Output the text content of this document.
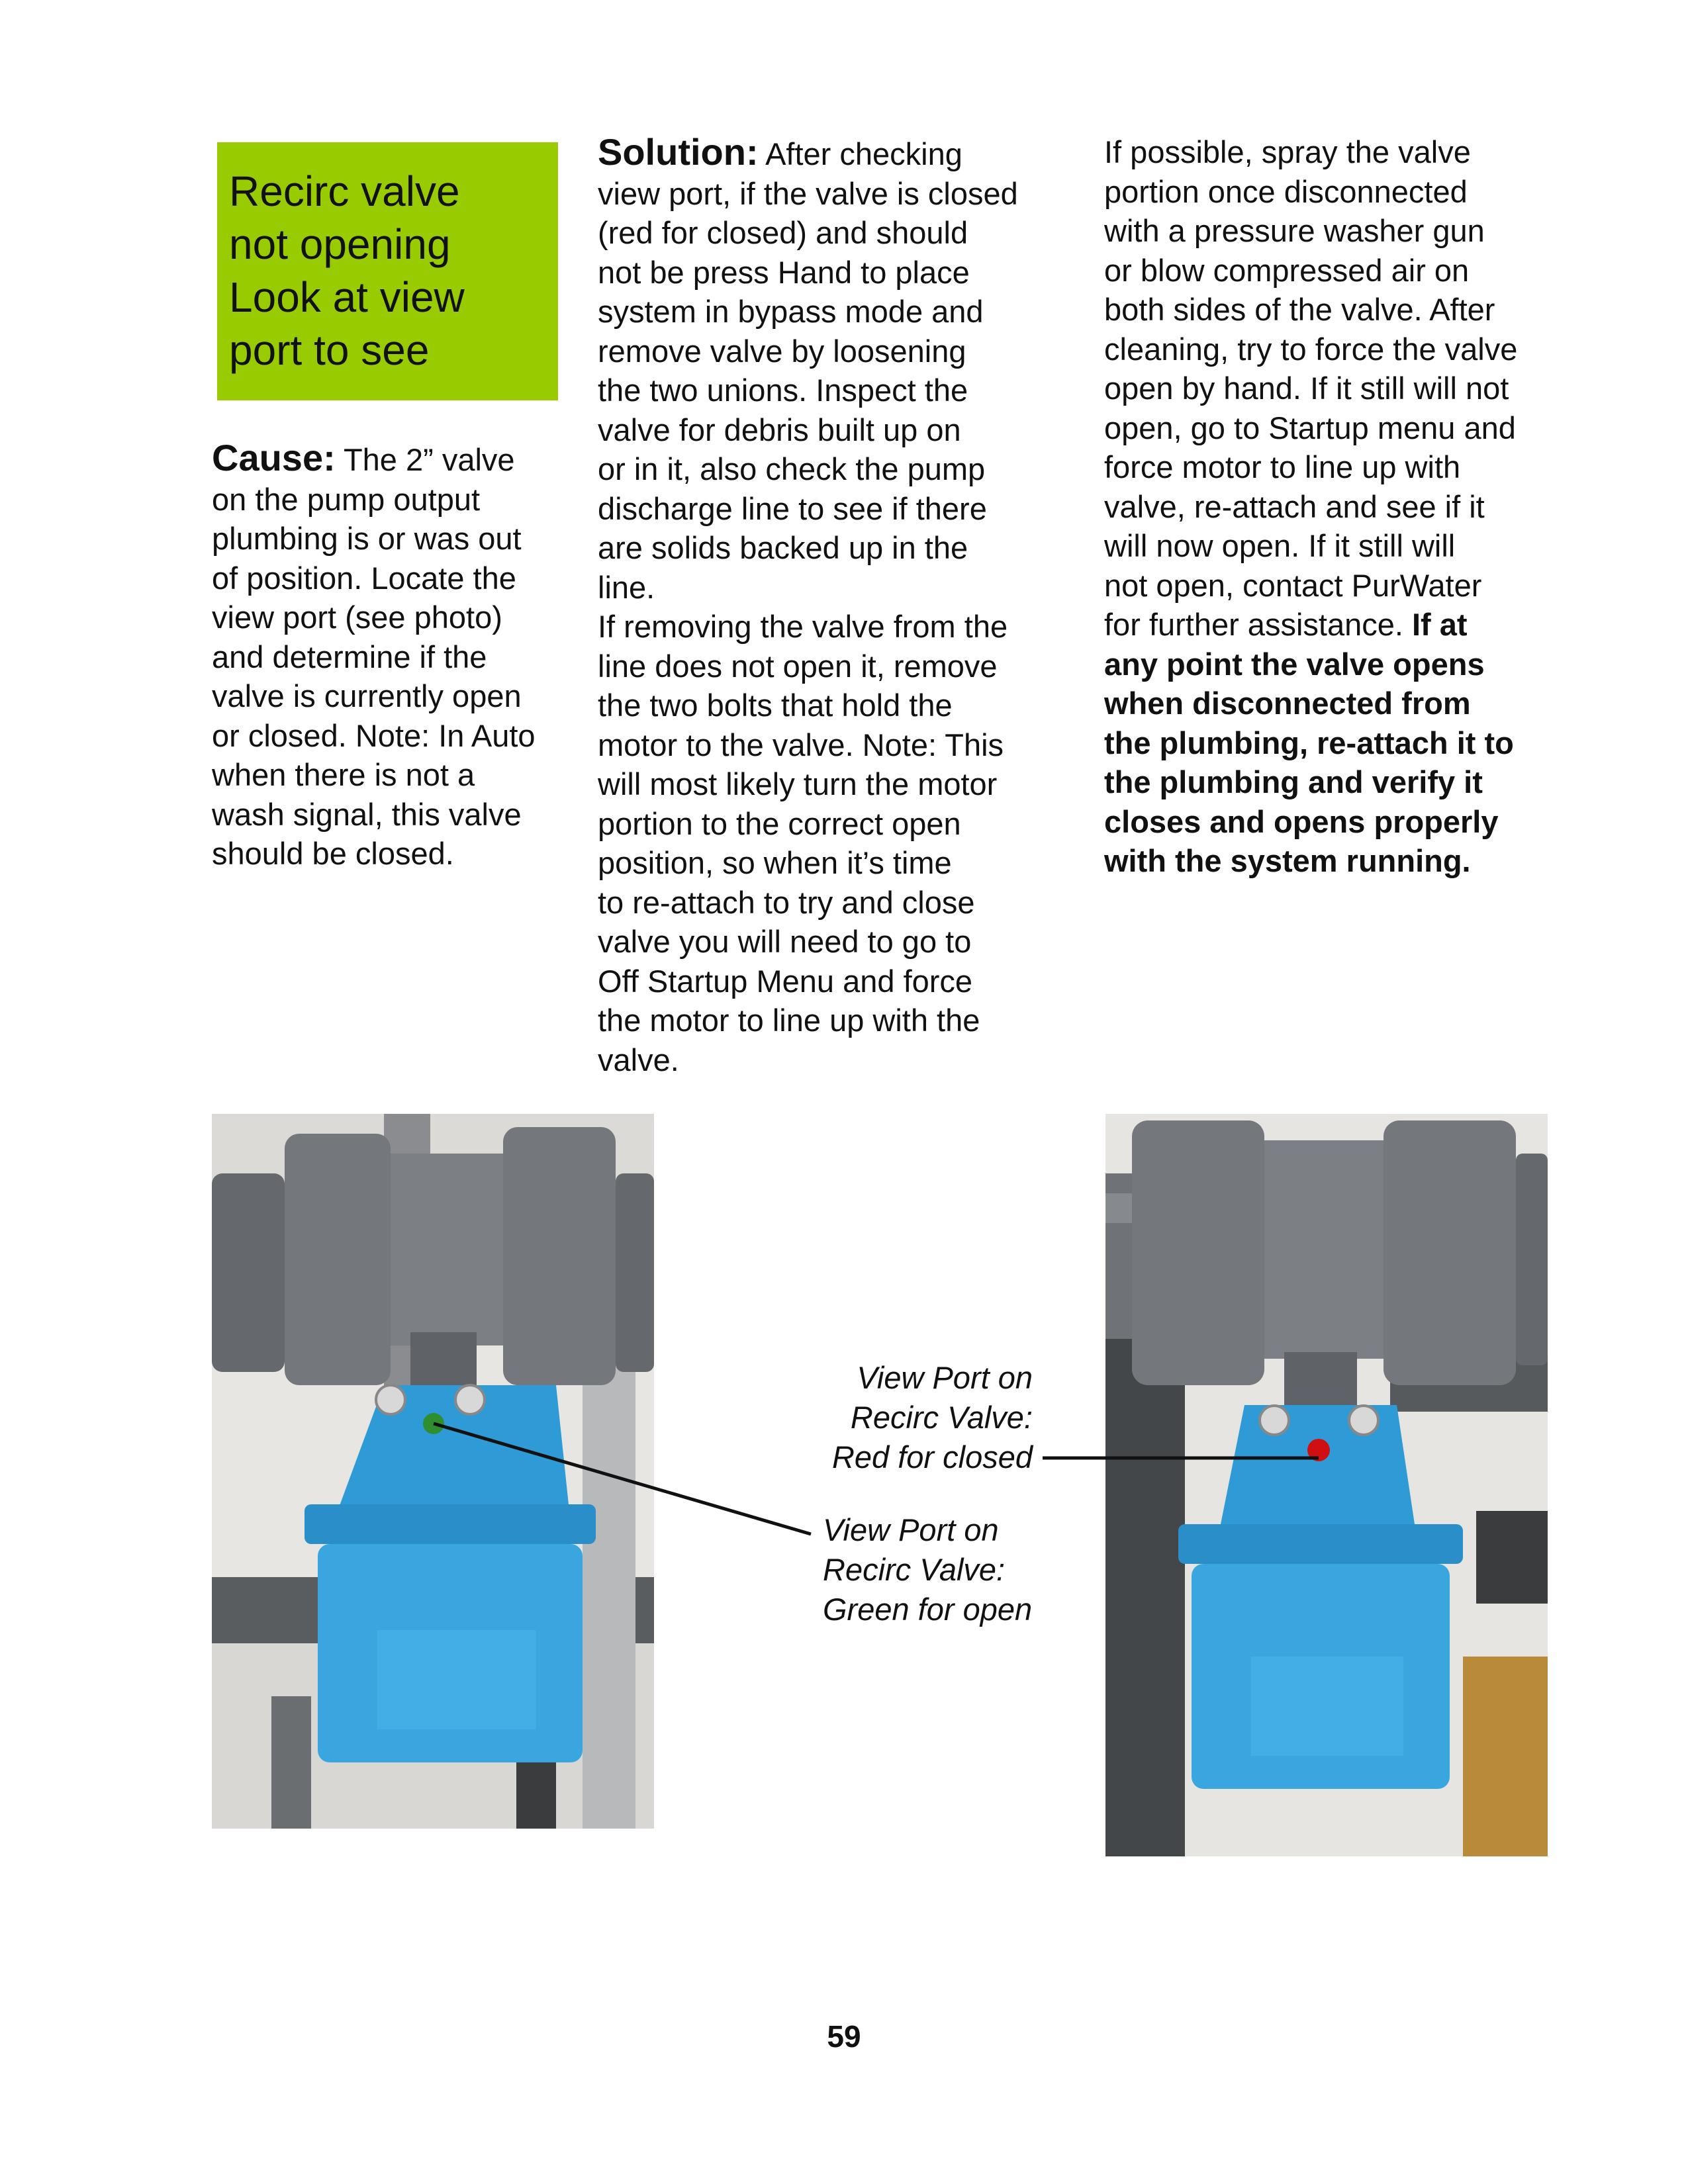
Recirc valve
not opening
Look at view
port to see

Cause: The 2” valve
on the pump output
plumbing is or was out
of position. Locate the
view port (see photo)
and determine if the
valve is currently open
or closed. Note: In Auto
when there is not a
wash signal, this valve
should be closed.
Solution: After checking
view port, if the valve is closed
(red for closed) and should
not be press Hand to place
system in bypass mode and
remove valve by loosening
the two unions. Inspect the
valve for debris built up on
or in it, also check the pump
discharge line to see if there
are solids backed up in the
line.
If removing the valve from the
line does not open it, remove
the two bolts that hold the
motor to the valve. Note: This
will most likely turn the motor
portion to the correct open
position, so when it’s time
to re-attach to try and close
valve you will need to go to
Off Startup Menu and force
the motor to line up with the
valve.
If possible, spray the valve
portion once disconnected
with a pressure washer gun
or blow compressed air on
both sides of the valve. After
cleaning, try to force the valve
open by hand. If it still will not
open, go to Startup menu and
force motor to line up with
valve, re-attach and see if it
will now open. If it still will
not open, contact PurWater
for further assistance. If at
any point the valve opens
when disconnected from
the plumbing, re-attach it to
the plumbing and verify it
closes and opens properly
with the system running.
View Port on
Recirc Valve:
Red for closed
View Port on
Recirc Valve:
Green for open
59
